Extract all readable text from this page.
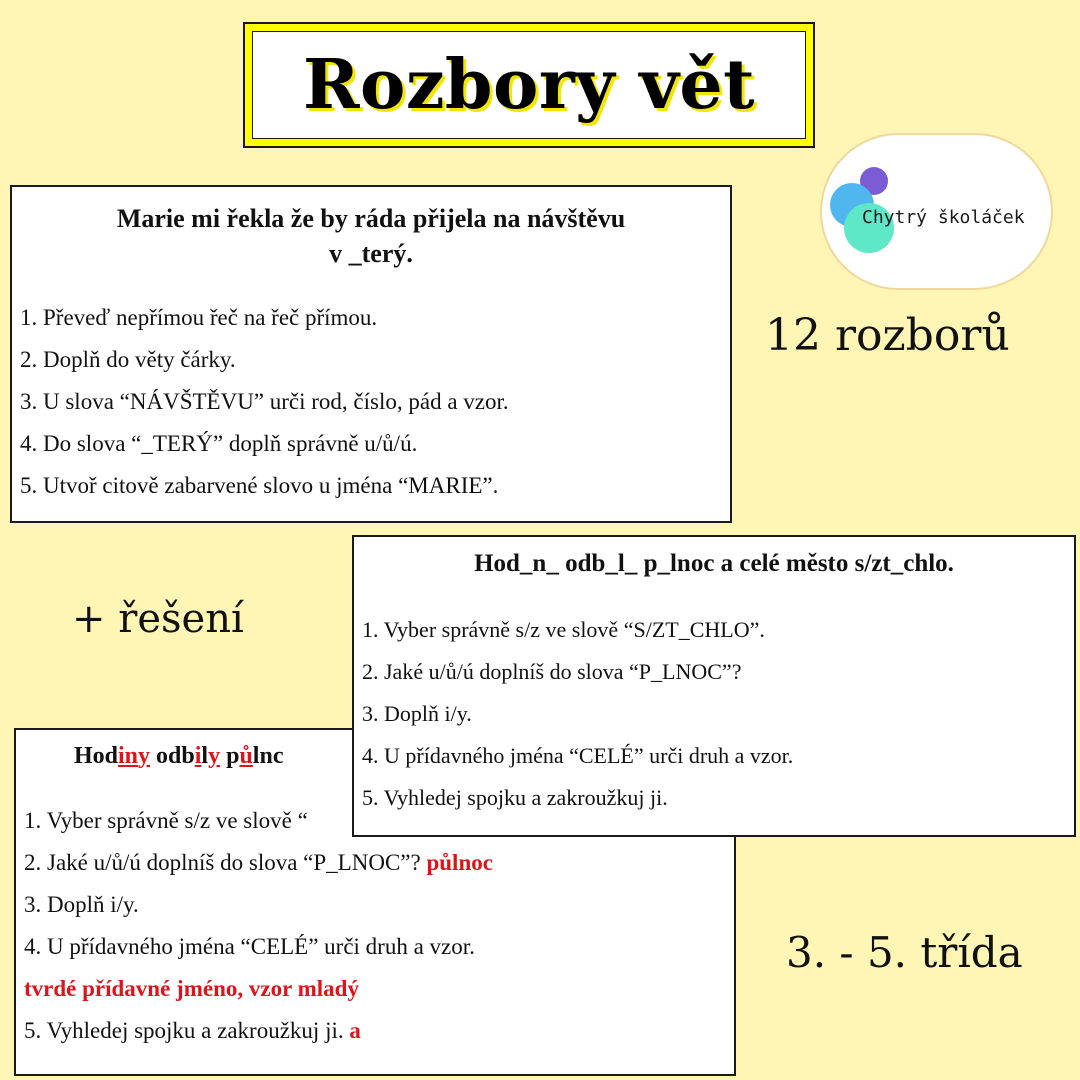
Rozbory vět
Chytrý školáček
12 rozborů
+ řešení
3. - 5. třída
Marie mi řekla že by ráda přijela na návštěvu
v _terý.
1. Převeď nepřímou řeč na řeč přímou.
2. Doplň do věty čárky.
3. U slova “NÁVŠTĚVU” urči rod, číslo, pád a vzor.
4. Do slova “_TERÝ” doplň správně u/ů/ú.
5. Utvoř citově zabarvené slovo u jména “MARIE”.
Hodiny odbily půlnc
1. Vyber správně s/z ve slově “
2. Jaké u/ů/ú doplníš do slova “P_LNOC”? půlnoc
3. Doplň i/y.
4. U přídavného jména “CELÉ” urči druh a vzor.
tvrdé přídavné jméno, vzor mladý
5. Vyhledej spojku a zakroužkuj ji. a
Hod_n_ odb_l_ p_lnoc a celé město s/zt_chlo.
1. Vyber správně s/z ve slově “S/ZT_CHLO”.
2. Jaké u/ů/ú doplníš do slova “P_LNOC”?
3. Doplň i/y.
4. U přídavného jména “CELÉ” urči druh a vzor.
5. Vyhledej spojku a zakroužkuj ji.
